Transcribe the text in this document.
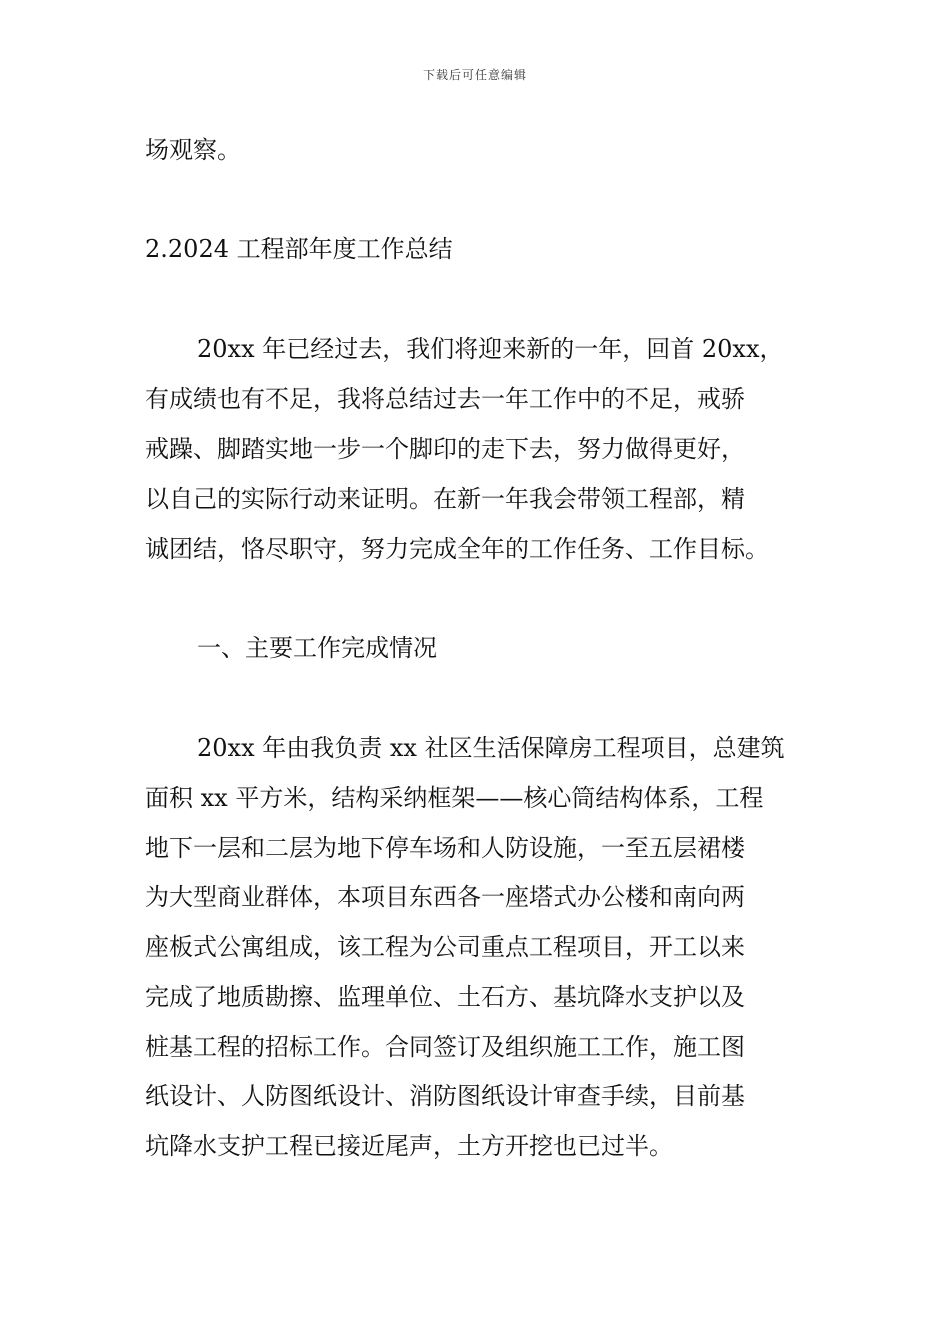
下载后可任意编辑
场观察。
2.2024 工程部年度工作总结
20xx 年已经过去，我们将迎来新的一年，回首 20xx，
有成绩也有不足，我将总结过去一年工作中的不足，戒骄
戒躁、脚踏实地一步一个脚印的走下去，努力做得更好，
以自己的实际行动来证明。在新一年我会带领工程部，精
诚团结，恪尽职守，努力完成全年的工作任务、工作目标。
一、主要工作完成情况
20xx 年由我负责 xx 社区生活保障房工程项目，总建筑
面积 xx 平方米，结构采纳框架——核心筒结构体系，工程
地下一层和二层为地下停车场和人防设施，一至五层裙楼
为大型商业群体，本项目东西各一座塔式办公楼和南向两
座板式公寓组成，该工程为公司重点工程项目，开工以来
完成了地质勘擦、监理单位、土石方、基坑降水支护以及
桩基工程的招标工作。合同签订及组织施工工作，施工图
纸设计、人防图纸设计、消防图纸设计审查手续，目前基
坑降水支护工程已接近尾声，土方开挖也已过半。
